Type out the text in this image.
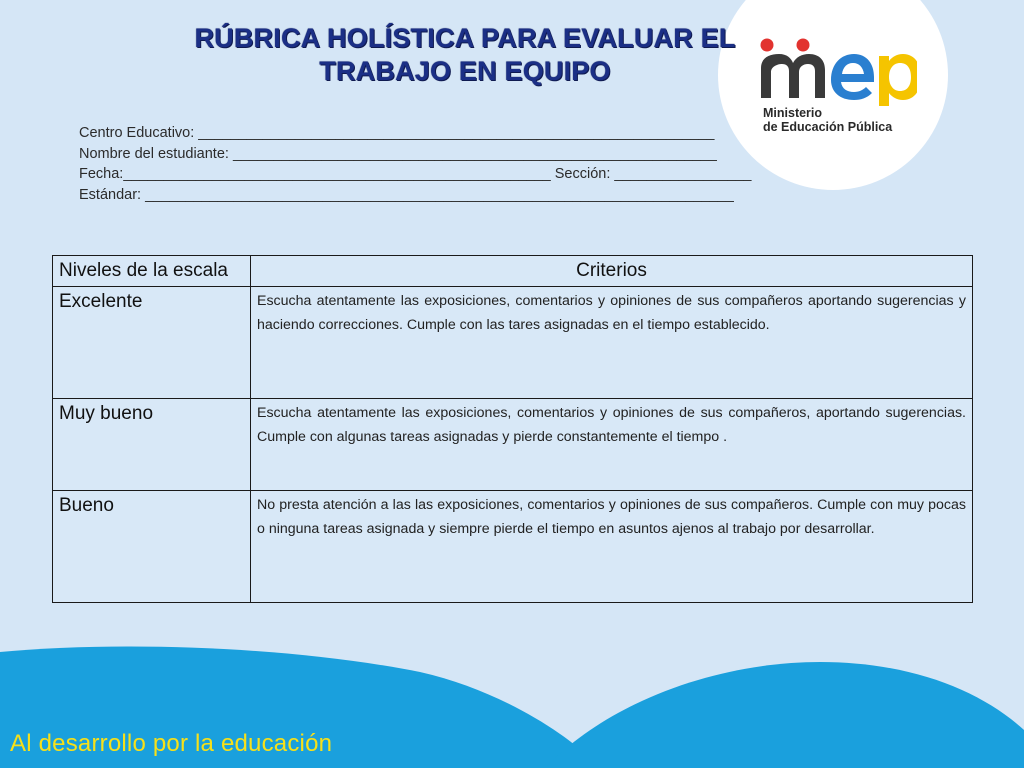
Ministerio
de Educación Pública
RÚBRICA HOLÍSTICA PARA EVALUAR EL
TRABAJO EN EQUIPO
Centro Educativo: ________________________________________________________________
Nombre del estudiante: ____________________________________________________________
Fecha:_____________________________________________________ Sección: _________________
Estándar: _________________________________________________________________________
Niveles de la escala	Criterios
Excelente	Escucha atentamente las exposiciones, comentarios y opiniones de sus compañeros aportando sugerencias y haciendo correcciones. Cumple con las tares asignadas en el tiempo establecido.
Muy bueno	Escucha atentamente las exposiciones, comentarios y opiniones de sus compañeros, aportando sugerencias. Cumple con algunas tareas asignadas y pierde constantemente el tiempo .
Bueno	No presta atención a las las exposiciones, comentarios y opiniones de sus compañeros. Cumple con muy pocas o ninguna tareas asignada y siempre pierde el tiempo en asuntos ajenos al trabajo por desarrollar.
Al desarrollo por la educación
